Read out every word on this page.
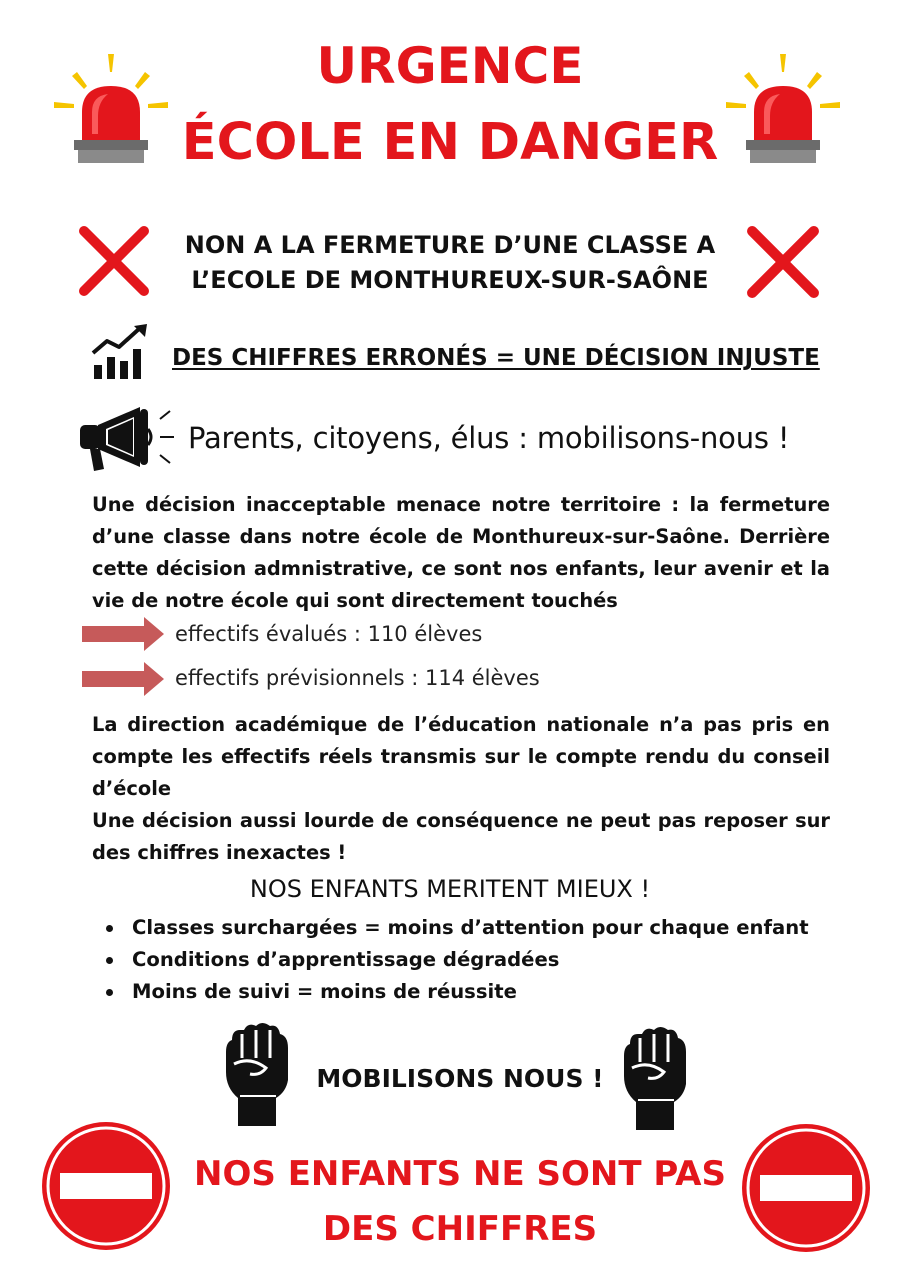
URGENCE
ÉCOLE EN DANGER
NON A LA FERMETURE D’UNE CLASSE A
L’ECOLE DE MONTHUREUX-SUR-SAÔNE
DES CHIFFRES ERRONÉS = UNE DÉCISION INJUSTE
Parents, citoyens, élus : mobilisons-nous !
Une décision inacceptable menace notre territoire : la fermeture d’une classe dans notre école de Monthureux-sur-Saône. Derrière cette décision admnistrative, ce sont nos enfants, leur avenir et la vie de notre école qui sont directement touchés
effectifs évalués : 110 élèves
effectifs prévisionnels : 114 élèves
La direction académique de l’éducation nationale n’a pas pris en compte les effectifs réels transmis sur le compte rendu du conseil d’école
Une décision aussi lourde de conséquence ne peut pas reposer sur des chiffres inexactes !
NOS ENFANTS MERITENT MIEUX !
Classes surchargées = moins d’attention pour chaque enfant
Conditions d’apprentissage dégradées
Moins de suivi = moins de réussite
MOBILISONS NOUS !
NOS ENFANTS NE SONT PAS
DES CHIFFRES
